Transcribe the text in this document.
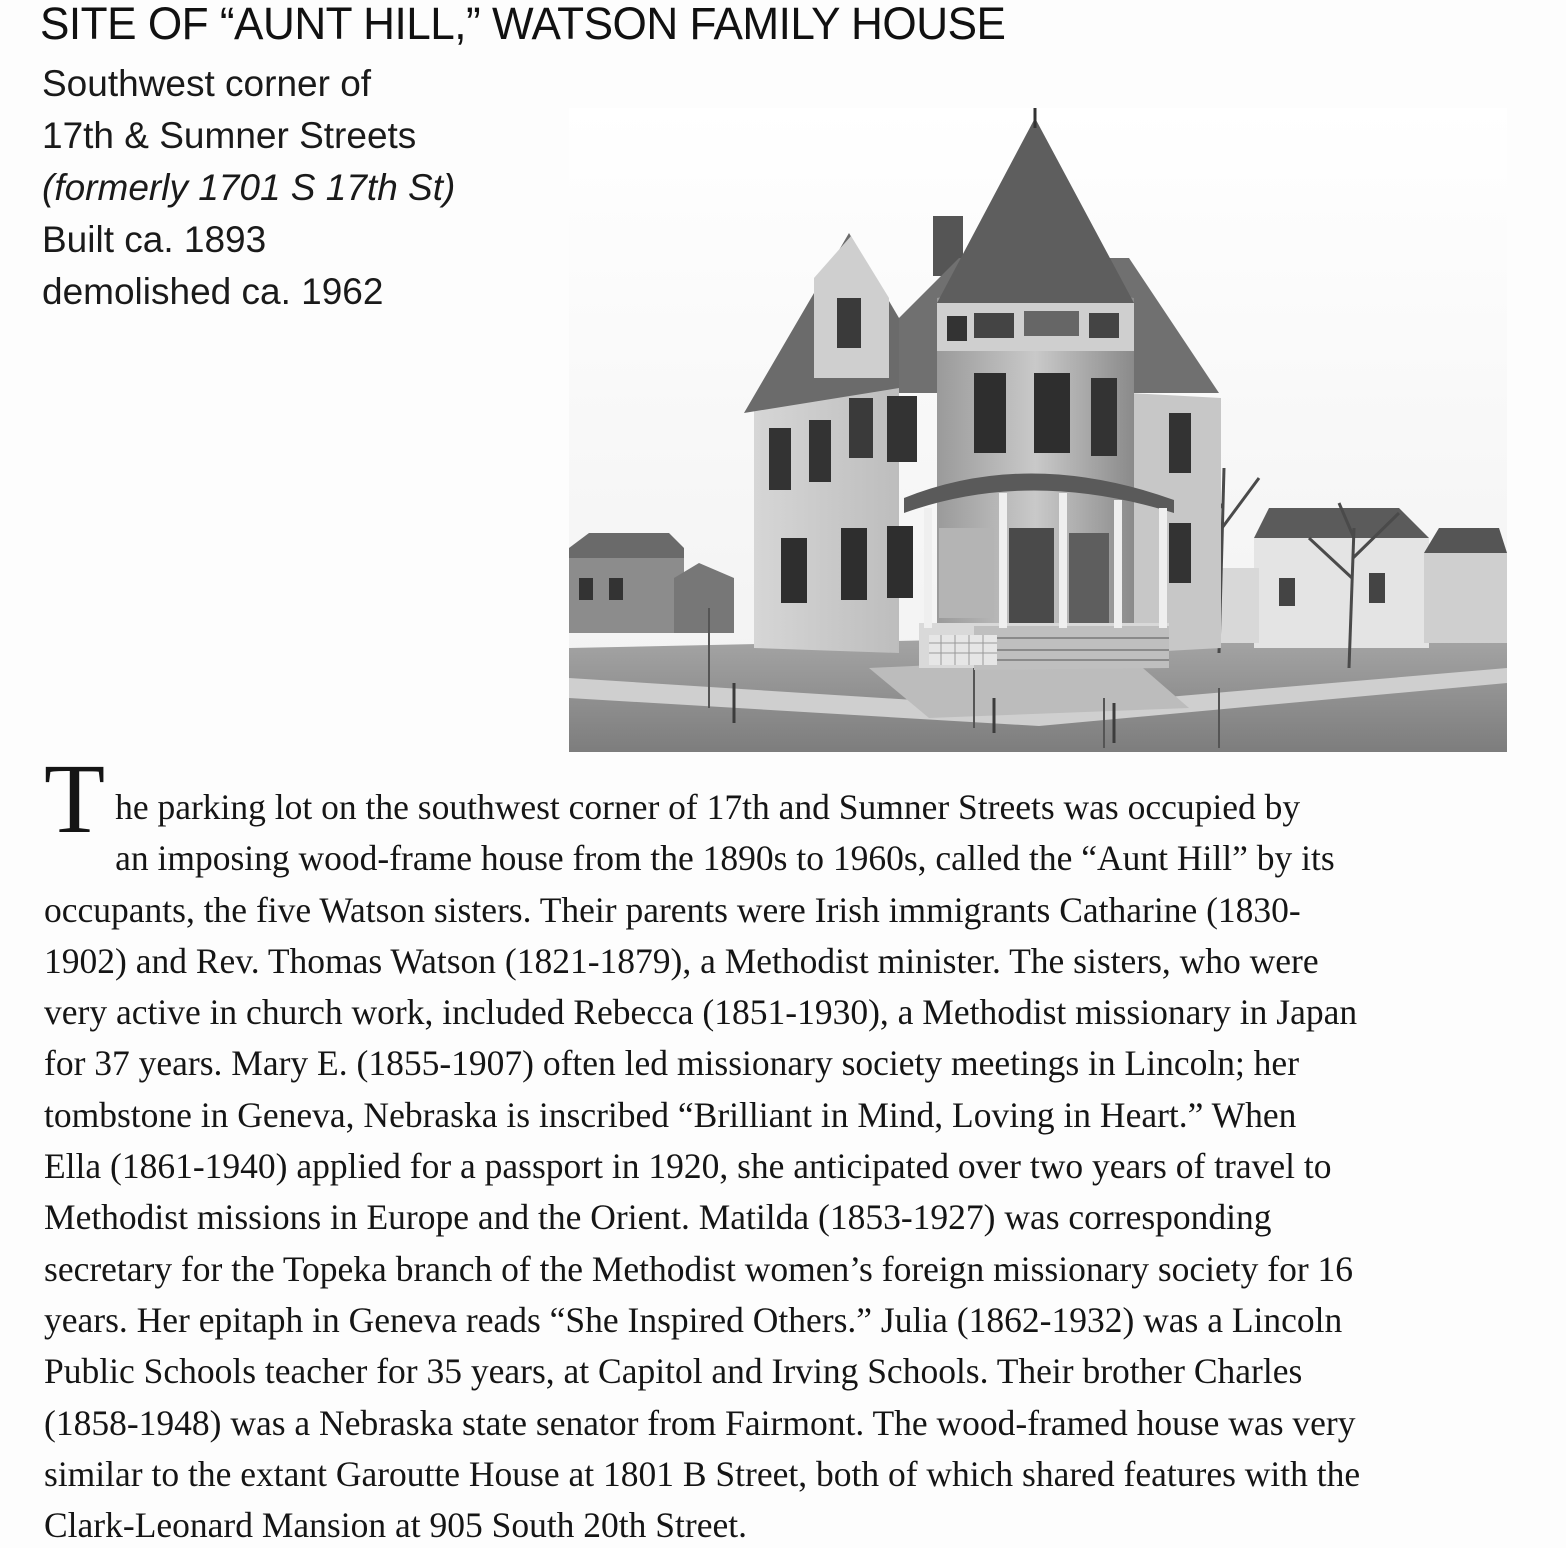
SITE OF “AUNT HILL,” WATSON FAMILY HOUSE
Southwest corner of
17th & Sumner Streets
(formerly 1701 S 17th St)
Built ca. 1893
demolished ca. 1962
T he parking lot on the southwest corner of 17th and Sumner Streets was occupied by
an imposing wood-frame house from the 1890s to 1960s, called the “Aunt Hill” by its
occupants, the five Watson sisters. Their parents were Irish immigrants Catharine (1830-
1902) and Rev. Thomas Watson (1821-1879), a Methodist minister. The sisters, who were
very active in church work, included Rebecca (1851-1930), a Methodist missionary in Japan
for 37 years. Mary E. (1855-1907) often led missionary society meetings in Lincoln; her
tombstone in Geneva, Nebraska is inscribed “Brilliant in Mind, Loving in Heart.” When
Ella (1861-1940) applied for a passport in 1920, she anticipated over two years of travel to
Methodist missions in Europe and the Orient. Matilda (1853-1927) was corresponding
secretary for the Topeka branch of the Methodist women’s foreign missionary society for 16
years. Her epitaph in Geneva reads “She Inspired Others.” Julia (1862-1932) was a Lincoln
Public Schools teacher for 35 years, at Capitol and Irving Schools. Their brother Charles
(1858-1948) was a Nebraska state senator from Fairmont. The wood-framed house was very
similar to the extant Garoutte House at 1801 B Street, both of which shared features with the
Clark-Leonard Mansion at 905 South 20th Street.
